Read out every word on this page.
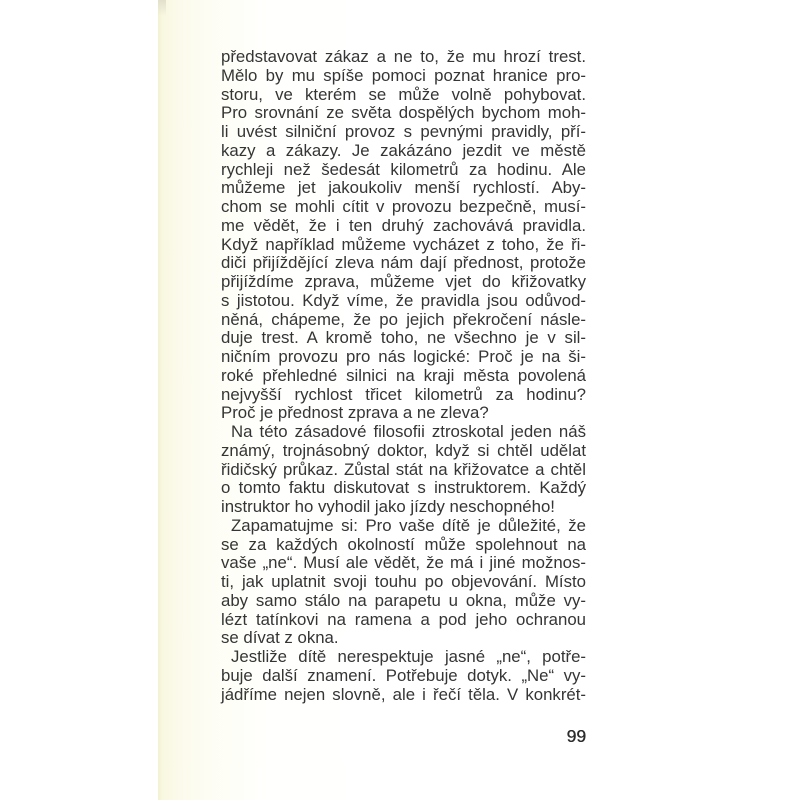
představovat zákaz a ne to, že mu hrozí trest.
Mělo by mu spíše pomoci poznat hranice pro-
storu, ve kterém se může volně pohybovat.
Pro srovnání ze světa dospělých bychom moh-
li uvést silniční provoz s pevnými pravidly, pří-
kazy a zákazy. Je zakázáno jezdit ve městě
rychleji než šedesát kilometrů za hodinu. Ale
můžeme jet jakoukoliv menší rychlostí. Aby-
chom se mohli cítit v provozu bezpečně, musí-
me vědět, že i ten druhý zachovává pravidla.
Když například můžeme vycházet z toho, že ři-
diči přijíždějící zleva nám dají přednost, protože
přijíždíme zprava, můžeme vjet do křižovatky
s jistotou. Když víme, že pravidla jsou odůvod-
něná, chápeme, že po jejich překročení násle-
duje trest. A kromě toho, ne všechno je v sil-
ničním provozu pro nás logické: Proč je na ši-
roké přehledné silnici na kraji města povolená
nejvyšší rychlost třicet kilometrů za hodinu?
Proč je přednost zprava a ne zleva?
Na této zásadové filosofii ztroskotal jeden náš
známý, trojnásobný doktor, když si chtěl udělat
řidičský průkaz. Zůstal stát na křižovatce a chtěl
o tomto faktu diskutovat s instruktorem. Každý
instruktor ho vyhodil jako jízdy neschopného!
Zapamatujme si: Pro vaše dítě je důležité, že
se za každých okolností může spolehnout na
vaše „ne“. Musí ale vědět, že má i jiné možnos-
ti, jak uplatnit svoji touhu po objevování. Místo
aby samo stálo na parapetu u okna, může vy-
lézt tatínkovi na ramena a pod jeho ochranou
se dívat z okna.
Jestliže dítě nerespektuje jasné „ne“, potře-
buje další znamení. Potřebuje dotyk. „Ne“ vy-
jádříme nejen slovně, ale i řečí těla. V konkrét-
99
